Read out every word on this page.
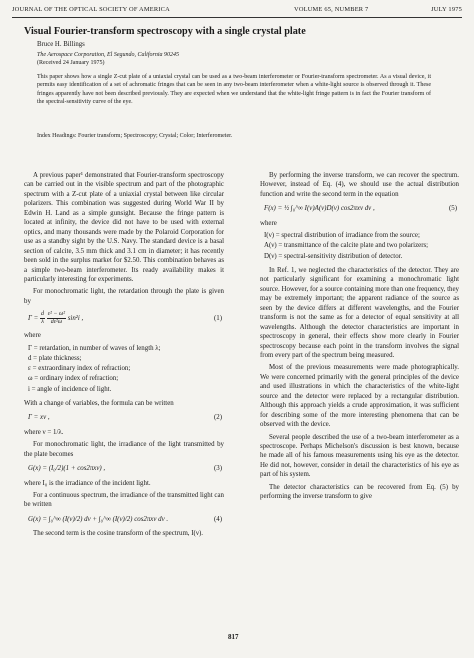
JOURNAL OF THE OPTICAL SOCIETY OF AMERICA	VOLUME 65, NUMBER 7	JULY 1975
Visual Fourier-transform spectroscopy with a single crystal plate
Bruce H. Billings
The Aerospace Corporation, El Segundo, California 90245
(Received 24 January 1975)
This paper shows how a single Z-cut plate of a uniaxial crystal can be used as a two-beam interferometer or Fourier-transform spectrometer. As a visual device, it permits easy identification of a set of achromatic fringes that can be seen in any two-beam interferometer when a white-light source is observed through it. These fringes apparently have not been described previously. They are expected when we understand that the white-light fringe pattern is in fact the Fourier transform of the spectral-sensitivity curve of the eye.
Index Headings: Fourier transform; Spectroscopy; Crystal; Color; Interferometer.

A previous paper¹ demonstrated that Fourier-transform spectroscopy can be carried out in the visible spectrum and part of the photographic spectrum with a Z-cut plate of a uniaxial crystal between like circular polarizers. This combination was suggested during World War II by Edwin H. Land as a simple gunsight. Because the fringe pattern is located at infinity, the device did not have to be used with external optics, and many thousands were made by the Polaroid Corporation for use as a standby sight by the U.S. Navy. The standard device is a basal section of calcite, 3.5 mm thick and 3.1 cm in diameter; it has recently been sold in the surplus market for $2.50. This combination behaves as a simple two-beam interferometer. Its ready availability makes it particularly interesting for experiments.

For monochromatic light, the retardation through the plate is given by

$\Gamma = \frac{d}{\lambda}$
$\frac{\text{ε² − ω²}}{\text{dε²ω}} \sin^2i$ ,	(1)

where

Γ = retardation, in number of waves of length λ;
d = plate thickness;
ε = extraordinary index of refraction;
ω = ordinary index of refraction;
i = angle of incidence of light.

With a change of variables, the formula can be written

Γ = xν ,	(2)

where ν = 1/λ.

For monochromatic light, the irradiance of the light transmitted by the plate becomes

G(x) = (I₀/2)(1 + cos2πxν) ,	(3)

where I₀ is the irradiance of the incident light.

For a continuous spectrum, the irradiance of the transmitted light can be written

G(x) = ∫₀^∞ (I(ν)/2) dν + ∫₀^∞ (I(ν)/2) cos2πxν dν .	(4)

The second term is the cosine transform of the spectrum, I(ν).

By performing the inverse transform, we can recover the spectrum. However, instead of Eq. (4), we should use the actual distribution function and write the second term in the equation

F(x) = ½ ∫₀^∞ I(ν)A(ν)D(ν) cos2πxν dν ,	(5)

where

I(ν) = spectral distribution of irradiance from the source;
A(ν) = transmittance of the calcite plate and two polarizers;
D(ν) = spectral-sensitivity distribution of detector.

In Ref. 1, we neglected the characteristics of the detector. They are not particularly significant for examining a monochromatic light source. However, for a source containing more than one frequency, they may be extremely important; the apparent radiance of the source as seen by the device differs at different wavelengths, and the Fourier transform is not the same as for a detector of equal sensitivity at all wavelengths. Although the detector characteristics are important in spectroscopy in general, their effects show more clearly in Fourier spectroscopy because each point in the transform involves the signal from every part of the spectrum being measured.

Most of the previous measurements were made photographically. We were concerned primarily with the general principles of the device and used illustrations in which the characteristics of the white-light source and the detector were replaced by a rectangular distribution. Although this approach yields a crude approximation, it was sufficient for describing some of the more interesting phenomena that can be observed with the device.

Several people described the use of a two-beam interferometer as a spectroscope. Perhaps Michelson's discussion is best known, because he made all of his famous measurements using his eye as the detector. He did not, however, consider in detail the characteristics of his eye as part of his system.

The detector characteristics can be recovered from Eq. (5) by performing the inverse transform to give

817
